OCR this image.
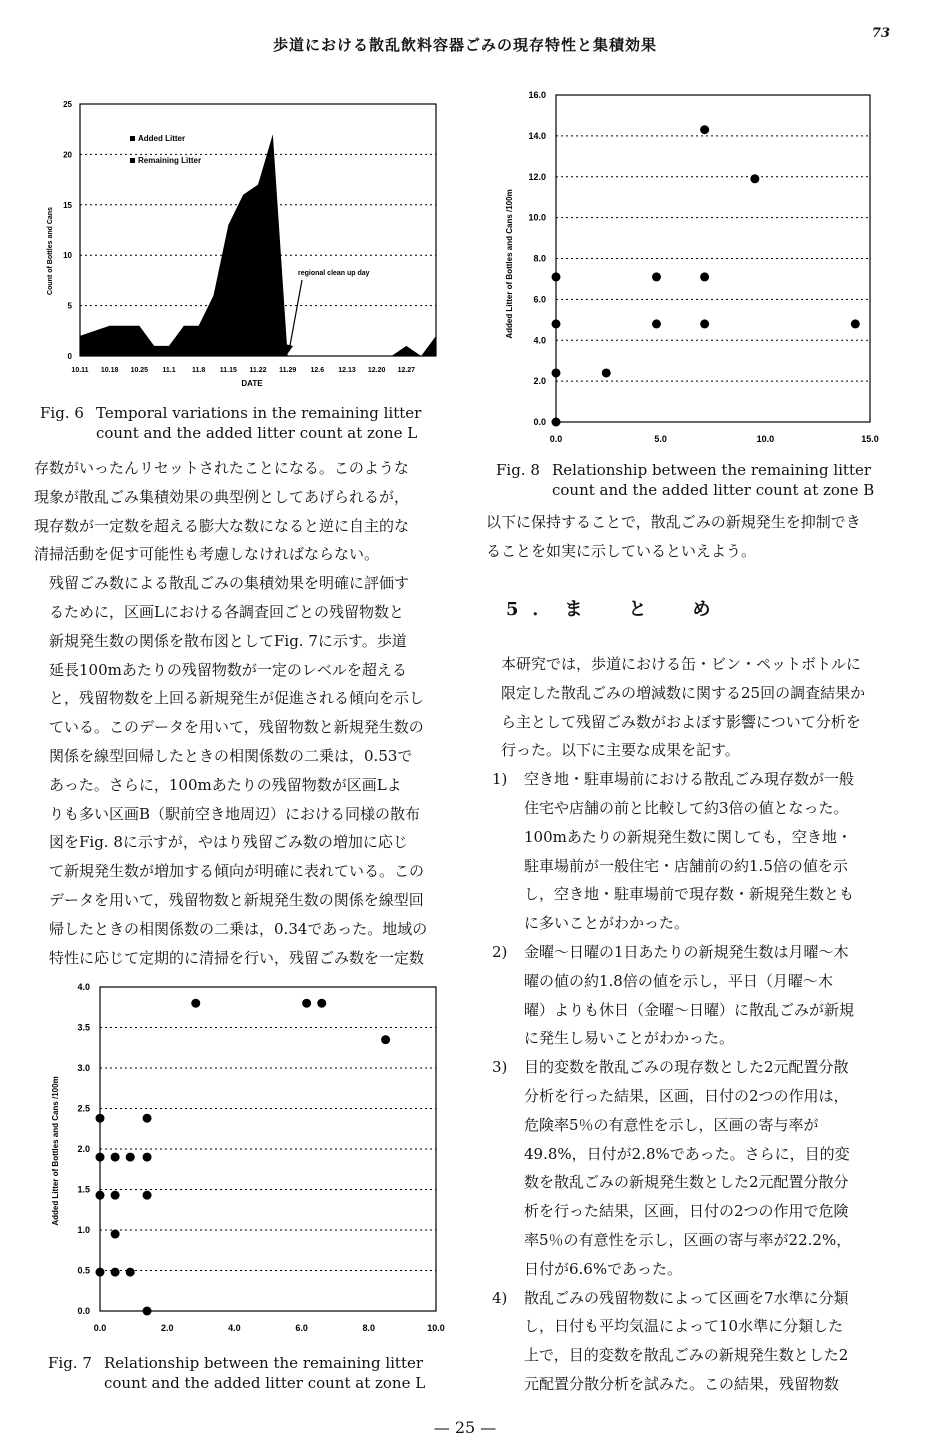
歩道における散乱飲料容器ごみの現存特性と集積効果
73
0
5
10
15
20
25
10.11 10.18 10.25 11.1 11.8 11.15 11.22 11.29 12.6 12.13 12.20 12.27
Added Litter
Remaining Litter
regional clean up day
Count of Bottles and Cans
DATE
Fig. 6 Temporal variations in the remaining litter
count and the added litter count at zone L

存数がいったんリセットされたことになる。このような
現象が散乱ごみ集積効果の典型例としてあげられるが，
現存数が一定数を超える膨大な数になると逆に自主的な
清掃活動を促す可能性も考慮しなければならない。

残留ごみ数による散乱ごみの集積効果を明確に評価す
るために，区画Lにおける各調査回ごとの残留物数と
新規発生数の関係を散布図としてFig. 7に示す。歩道
延長100mあたりの残留物数が一定のレベルを超える
と，残留物数を上回る新規発生が促進される傾向を示し
ている。このデータを用いて，残留物数と新規発生数の
関係を線型回帰したときの相関係数の二乗は，0.53で
あった。さらに，100mあたりの残留物数が区画Lよ
りも多い区画B（駅前空き地周辺）における同様の散布
図をFig. 8に示すが，やはり残留ごみ数の増加に応じ
て新規発生数が増加する傾向が明確に表れている。この
データを用いて，残留物数と新規発生数の関係を線型回
帰したときの相関係数の二乗は，0.34であった。地域の
特性に応じて定期的に清掃を行い，残留ごみ数を一定数

0.0
0.5
1.0
1.5
2.0
2.5
3.0
3.5
4.0
0.0	2.0	4.0	6.0	8.0	10.0
Added Litter of Bottles and Cans /100m
Fig. 7 Relationship between the remaining litter
count and the added litter count at zone L
0.0
2.0
4.0
6.0
8.0
10.0
12.0
14.0
16.0
0.0	5.0	10.0	15.0
Added Litter of Bottles and Cans /100m
Fig. 8 Relationship between the remaining litter
count and the added litter count at zone B

以下に保持することで，散乱ごみの新規発生を抑制でき
ることを如実に示しているといえよう。

5．ま　と　め

本研究では，歩道における缶・ビン・ペットボトルに
限定した散乱ごみの増減数に関する25回の調査結果か
ら主として残留ごみ数がおよぼす影響について分析を
行った。以下に主要な成果を記す。

1) 空き地・駐車場前における散乱ごみ現存数が一般
住宅や店舗の前と比較して約3倍の値となった。
100mあたりの新規発生数に関しても，空き地・
駐車場前が一般住宅・店舗前の約1.5倍の値を示
し，空き地・駐車場前で現存数・新規発生数とも
に多いことがわかった。
2) 金曜～日曜の1日あたりの新規発生数は月曜～木
曜の値の約1.8倍の値を示し，平日（月曜～木
曜）よりも休日（金曜～日曜）に散乱ごみが新規
に発生し易いことがわかった。
3) 目的変数を散乱ごみの現存数とした2元配置分散
分析を行った結果，区画，日付の2つの作用は，
危険率5％の有意性を示し，区画の寄与率が
49.8%，日付が2.8%であった。さらに，目的変
数を散乱ごみの新規発生数とした2元配置分散分
析を行った結果，区画，日付の2つの作用で危険
率5％の有意性を示し，区画の寄与率が22.2%，
日付が6.6%であった。
4) 散乱ごみの残留物数によって区画を7水準に分類
し，日付も平均気温によって10水準に分類した
上で，目的変数を散乱ごみの新規発生数とした2
元配置分散分析を試みた。この結果，残留物数
— 25 —
